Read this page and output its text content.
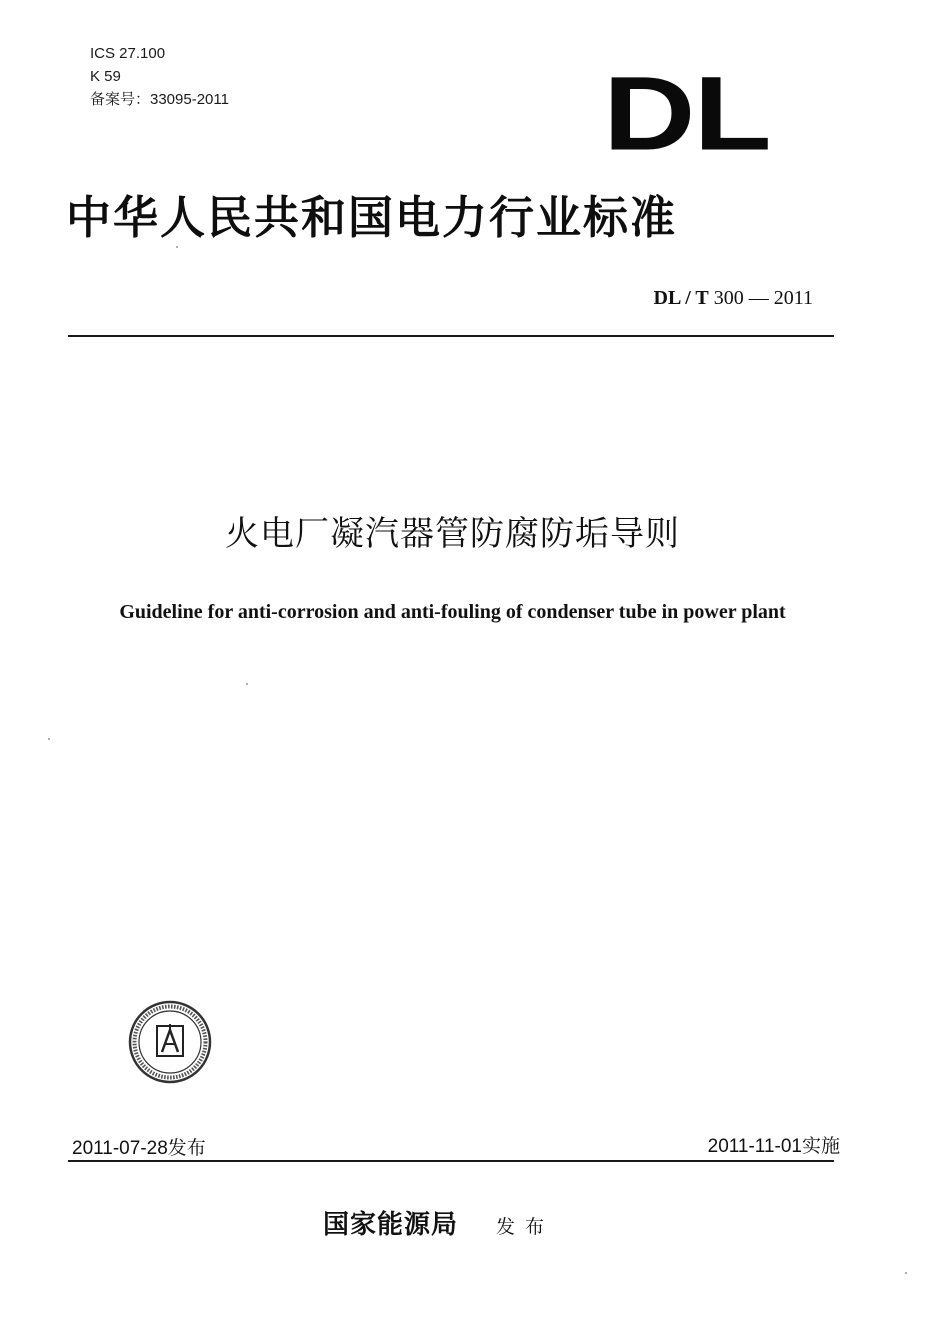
ICS 27.100
K 59
备案号：33095-2011	DL
中华人民共和国电力行业标准
DL / T 300 — 2011
火电厂凝汽器管防腐防垢导则
Guideline for anti-corrosion and anti-fouling of condenser tube in power plant
2011-07-28发布	2011-11-01实施
国家能源局 发布
